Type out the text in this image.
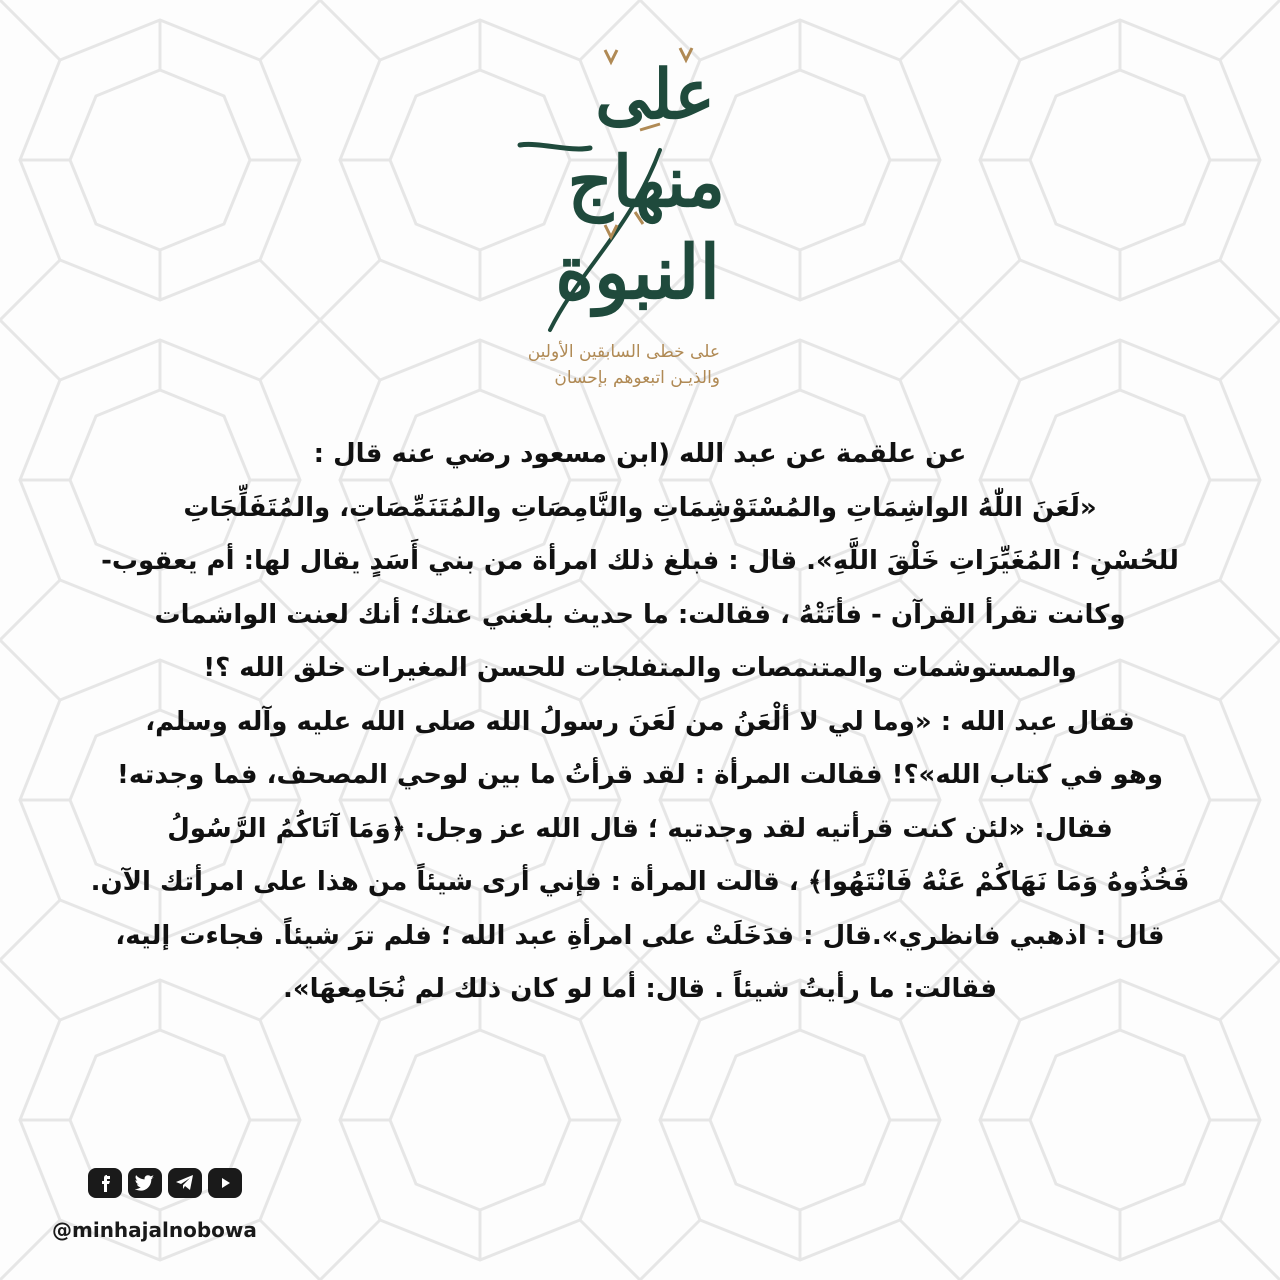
على
منهاج
النبوة
على خطى السابقين الأولين
والذيـن اتبعوهم بإحسان
عن علقمة عن عبد الله (ابن مسعود رضي عنه قال :
«لَعَنَ اللّٰهُ الواشِمَاتِ والمُسْتَوْشِمَاتِ والنَّامِصَاتِ والمُتَنَمِّصَاتِ، والمُتَفَلِّجَاتِ
للحُسْنِ ؛ المُغَيِّرَاتِ خَلْقَ اللَّهِ». قال : فبلغ ذلك امرأة من بني أَسَدٍ يقال لها: أم يعقوب-
وكانت تقرأ القرآن - فأتَتْهُ ، فقالت: ما حديث بلغني عنك؛ أنك لعنت الواشمات
والمستوشمات والمتنمصات والمتفلجات للحسن المغيرات خلق الله ؟!
فقال عبد الله : «وما لي لا ألْعَنُ من لَعَنَ رسولُ الله صلى الله عليه وآله وسلم،
وهو في كتاب الله»؟! فقالت المرأة : لقد قرأتُ ما بين لوحي المصحف، فما وجدته!
فقال: «لئن كنت قرأتيه لقد وجدتيه ؛ قال الله عز وجل: ﴿وَمَا آتَاكُمُ الرَّسُولُ
فَخُذُوهُ وَمَا نَهَاكُمْ عَنْهُ فَانْتَهُوا﴾ ، قالت المرأة : فإني أرى شيئاً من هذا على امرأتك الآن.
قال : اذهبي فانظري».قال : فدَخَلَتْ على امرأةِ عبد الله ؛ فلم ترَ شيئاً. فجاءت إليه،
فقالت: ما رأيتُ شيئاً . قال: أما لو كان ذلك لم نُجَامِعهَا».
@minhajalnobowa
